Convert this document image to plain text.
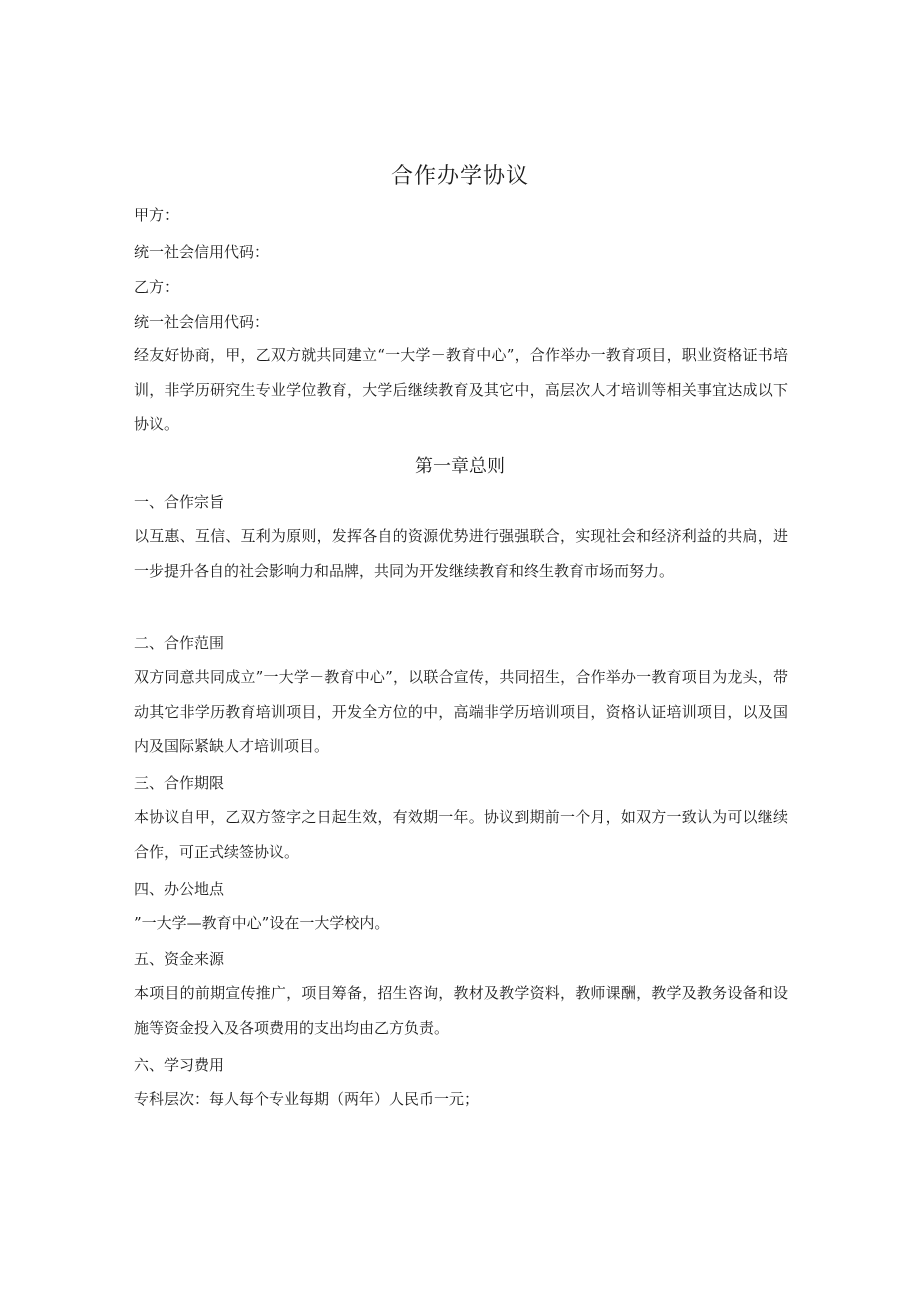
合作办学协议
甲方：
统一社会信用代码：
乙方：
统一社会信用代码：
经友好协商，甲，乙双方就共同建立“一大学－教育中心”，合作举办一教育项目，职业资格证书培训，非学历研究生专业学位教育，大学后继续教育及其它中，高层次人才培训等相关事宜达成以下协议。
第一章总则
一、合作宗旨
以互惠、互信、互利为原则，发挥各自的资源优势进行强强联合，实现社会和经济利益的共扃，进一步提升各自的社会影响力和品牌，共同为开发继续教育和终生教育市场而努力。
二、合作范围
双方同意共同成立”一大学－教育中心”，以联合宣传，共同招生，合作举办一教育项目为龙头，带动其它非学历教育培训项目，开发全方位的中，高端非学历培训项目，资格认证培训项目，以及国内及国际紧缺人才培训项目。
三、合作期限
本协议自甲，乙双方签字之日起生效，有效期一年。协议到期前一个月，如双方一致认为可以继续合作，可正式续签协议。
四、办公地点
”一大学—教育中心”设在一大学校内。
五、资金来源
本项目的前期宣传推广，项目筹备，招生咨询，教材及教学资料，教师课酬，教学及教务设备和设施等资金投入及各项费用的支出均由乙方负责。
六、学习费用
专科层次：每人每个专业每期（两年）人民币一元；
